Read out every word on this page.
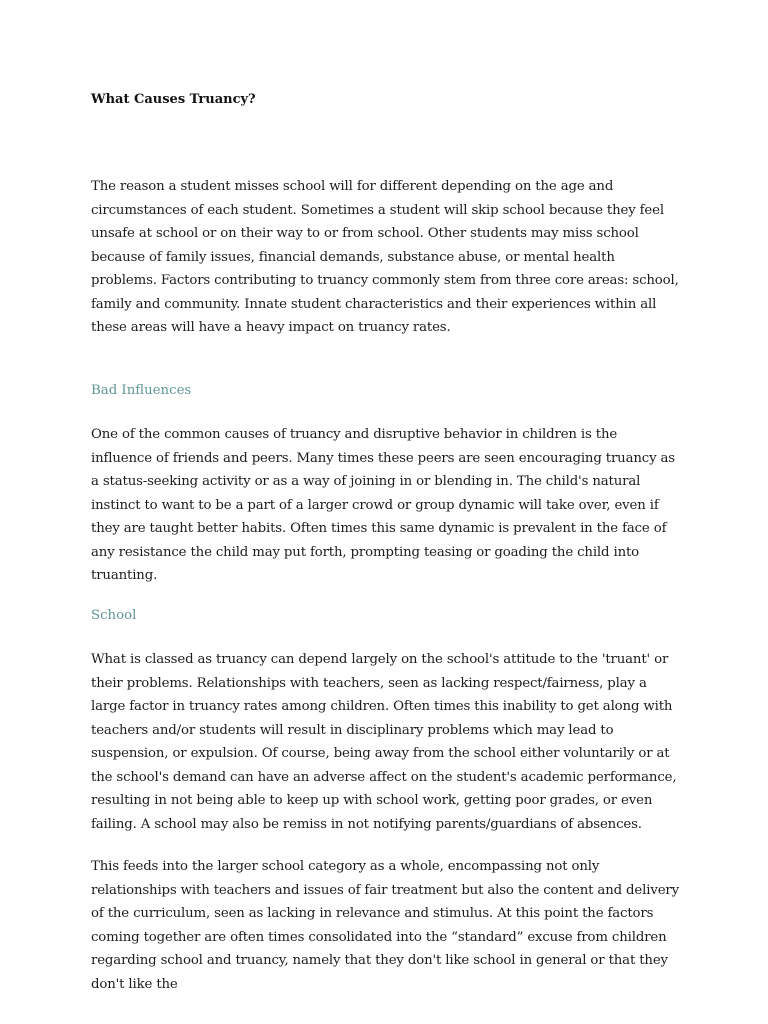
What Causes Truancy?

The reason a student misses school will for different depending on the age and circumstances of each student. Sometimes a student will skip school because they feel unsafe at school or on their way to or from school. Other students may miss school because of family issues, financial demands, substance abuse, or mental health problems. Factors contributing to truancy commonly stem from three core areas: school, family and community. Innate student characteristics and their experiences within all these areas will have a heavy impact on truancy rates.

Bad Influences

One of the common causes of truancy and disruptive behavior in children is the influence of friends and peers. Many times these peers are seen encouraging truancy as a status-seeking activity or as a way of joining in or blending in. The child's natural instinct to want to be a part of a larger crowd or group dynamic will take over, even if they are taught better habits. Often times this same dynamic is prevalent in the face of any resistance the child may put forth, prompting teasing or goading the child into truanting.

School

What is classed as truancy can depend largely on the school's attitude to the 'truant' or their problems. Relationships with teachers, seen as lacking respect/fairness, play a large factor in truancy rates among children. Often times this inability to get along with teachers and/or students will result in disciplinary problems which may lead to suspension, or expulsion. Of course, being away from the school either voluntarily or at the school's demand can have an adverse affect on the student's academic performance, resulting in not being able to keep up with school work, getting poor grades, or even failing. A school may also be remiss in not notifying parents/guardians of absences.

This feeds into the larger school category as a whole, encompassing not only relationships with teachers and issues of fair treatment but also the content and delivery of the curriculum, seen as lacking in relevance and stimulus. At this point the factors coming together are often times consolidated into the “standard” excuse from children regarding school and truancy, namely that they don't like school in general or that they don't like the
